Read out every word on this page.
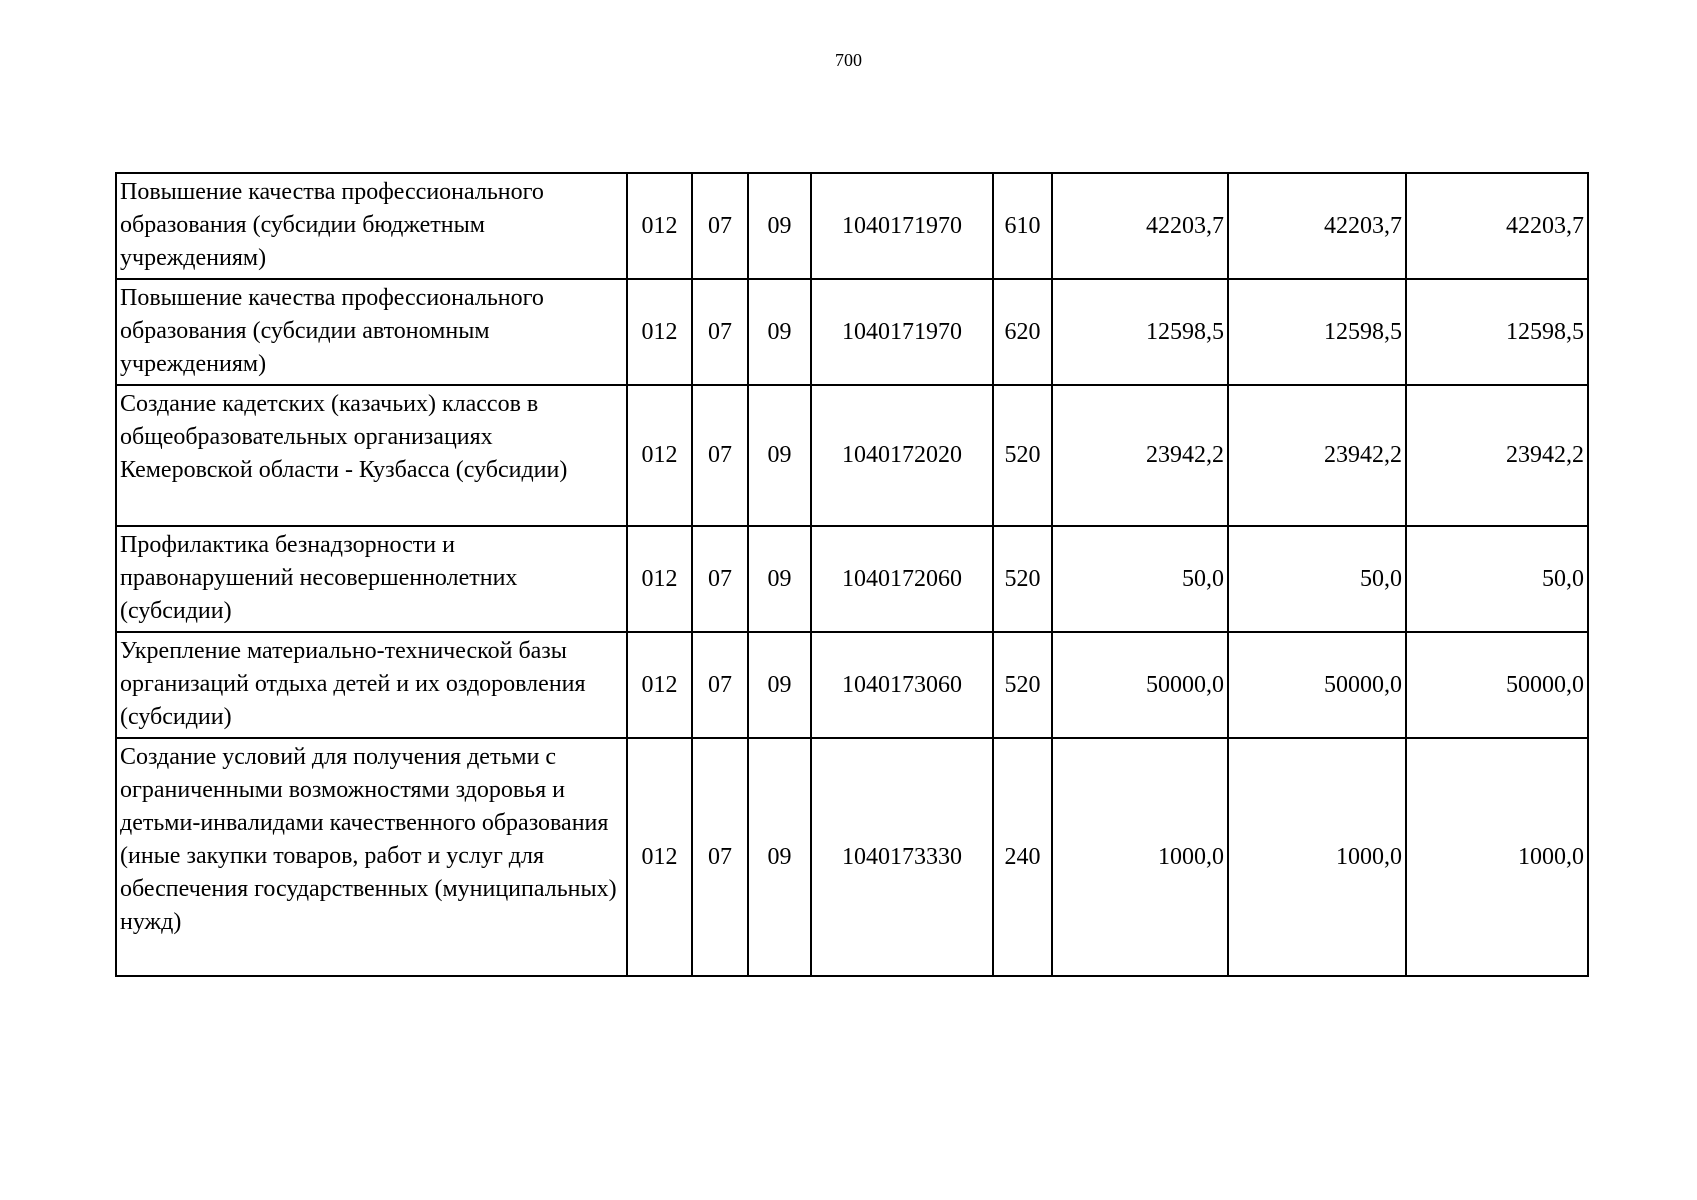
700
Повышение качества профессионального образования (субсидии бюджетным учреждениям)	012	07	09	1040171970	610	42203,7	42203,7	42203,7
Повышение качества профессионального образования (субсидии автономным учреждениям)	012	07	09	1040171970	620	12598,5	12598,5	12598,5
Создание кадетских (казачьих) классов в общеобразовательных организациях Кемеровской области - Кузбасса (субсидии)	012	07	09	1040172020	520	23942,2	23942,2	23942,2
Профилактика безнадзорности и правонарушений несовершеннолетних (субсидии)	012	07	09	1040172060	520	50,0	50,0	50,0
Укрепление материально-технической базы организаций отдыха детей и их оздоровления (субсидии)	012	07	09	1040173060	520	50000,0	50000,0	50000,0
Создание условий для получения детьми с ограниченными возможностями здоровья и детьми-инвалидами качественного образования (иные закупки товаров, работ и услуг для обеспечения государственных (муниципальных) нужд)	012	07	09	1040173330	240	1000,0	1000,0	1000,0
